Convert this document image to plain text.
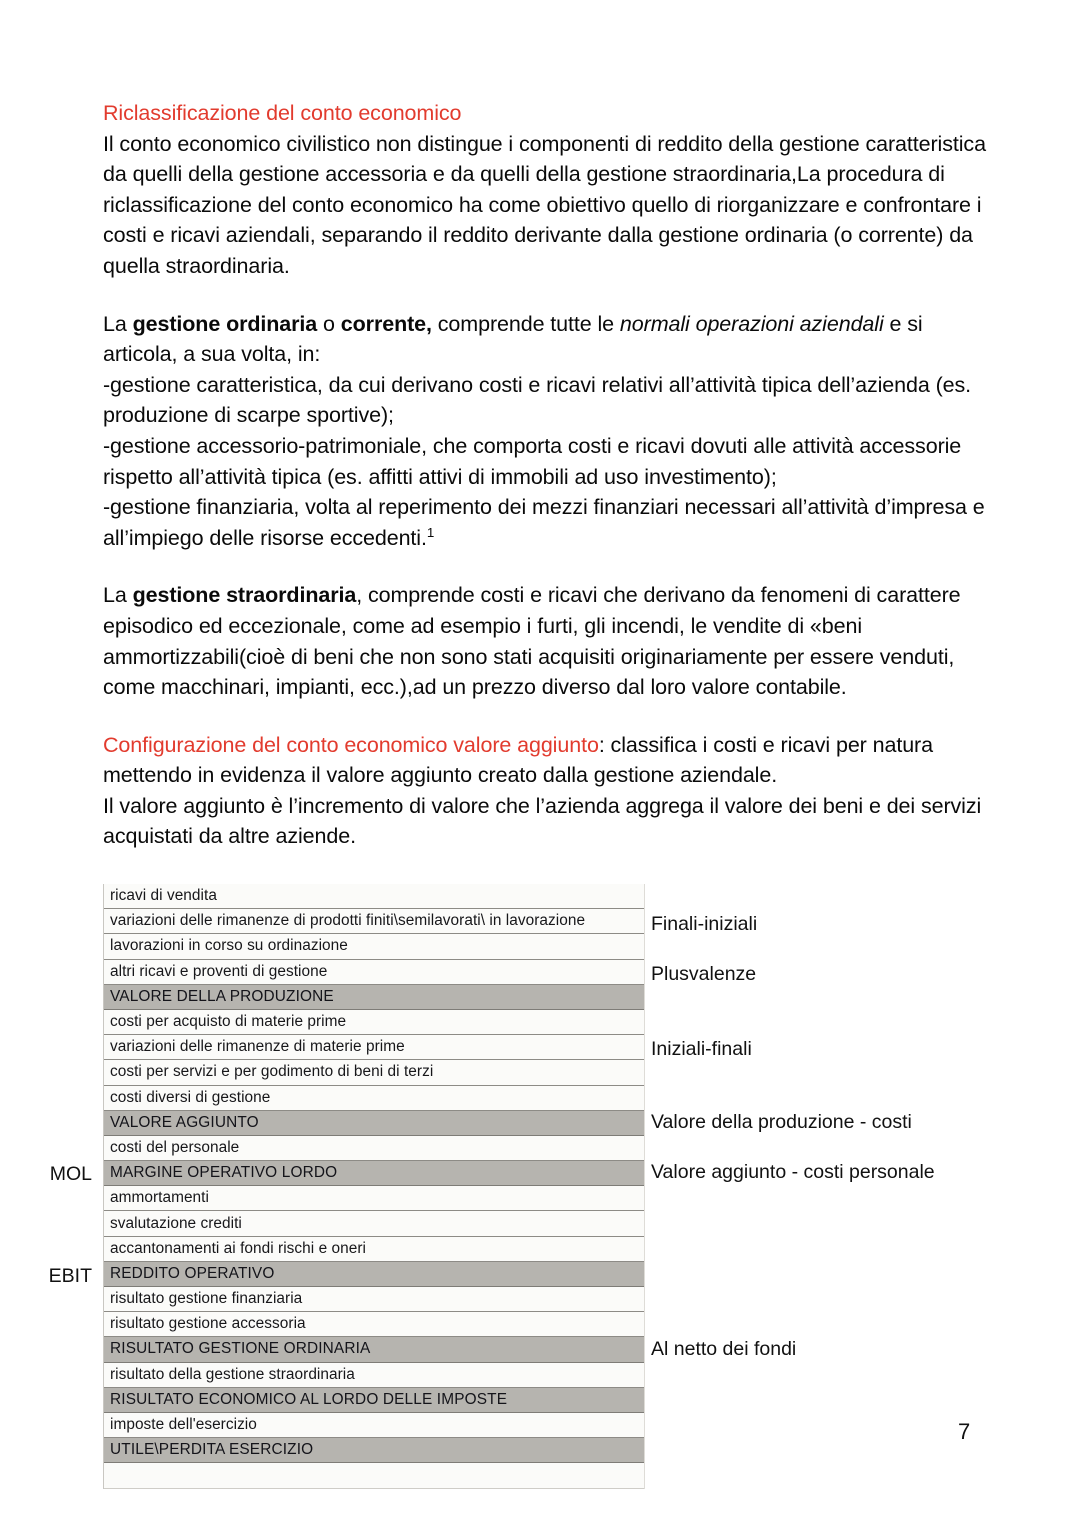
Riclassificazione del conto economico
Il conto economico civilistico non distingue i componenti di reddito della gestione caratteristica da quelli della gestione accessoria e da quelli della gestione straordinaria,La procedura di riclassificazione del conto economico ha come obiettivo quello di riorganizzare e confrontare i costi e ricavi aziendali, separando il reddito derivante dalla gestione ordinaria (o corrente) da quella straordinaria.

La gestione ordinaria o corrente, comprende tutte le normali operazioni aziendali e si articola, a sua volta, in:
-gestione caratteristica, da cui derivano costi e ricavi relativi all’attività tipica dell’azienda (es. produzione di scarpe sportive);
-gestione accessorio-patrimoniale, che comporta costi e ricavi dovuti alle attività accessorie rispetto all’attività tipica (es. affitti attivi di immobili ad uso investimento);
-gestione finanziaria, volta al reperimento dei mezzi finanziari necessari all’attività d’impresa e all’impiego delle risorse eccedenti.$^1$

La gestione straordinaria, comprende costi e ricavi che derivano da fenomeni di carattere episodico ed eccezionale, come ad esempio i furti, gli incendi, le vendite di «beni ammortizzabili(cioè di beni che non sono stati acquisiti originariamente per essere venduti, come macchinari, impianti, ecc.),ad un prezzo diverso dal loro valore contabile.

Configurazione del conto economico valore aggiunto: classifica i costi e ricavi per natura mettendo in evidenza il valore aggiunto creato dalla gestione aziendale.
Il valore aggiunto è l’incremento di valore che l’azienda aggrega il valore dei beni e dei servizi acquistati da altre aziende.

ricavi di vendita
variazioni delle rimanenze di prodotti finiti\semilavorati\ in lavorazione
lavorazioni in corso su ordinazione
altri ricavi e proventi di gestione
VALORE DELLA PRODUZIONE
costi per acquisto di materie prime
variazioni delle rimanenze di materie prime
costi per servizi e per godimento di beni di terzi
costi diversi di gestione
VALORE AGGIUNTO
costi del personale
MARGINE OPERATIVO LORDO
ammortamenti
svalutazione crediti
accantonamenti ai fondi rischi e oneri
REDDITO OPERATIVO
risultato gestione finanziaria
risultato gestione accessoria
RISULTATO GESTIONE ORDINARIA
risultato della gestione straordinaria
RISULTATO ECONOMICO AL LORDO DELLE IMPOSTE
imposte dell'esercizio
UTILE\PERDITA ESERCIZIO
MOL
EBIT
Finali-iniziali
Plusvalenze
Iniziali-finali
Valore della produzione - costi
Valore aggiunto - costi personale
Al netto dei fondi
7
